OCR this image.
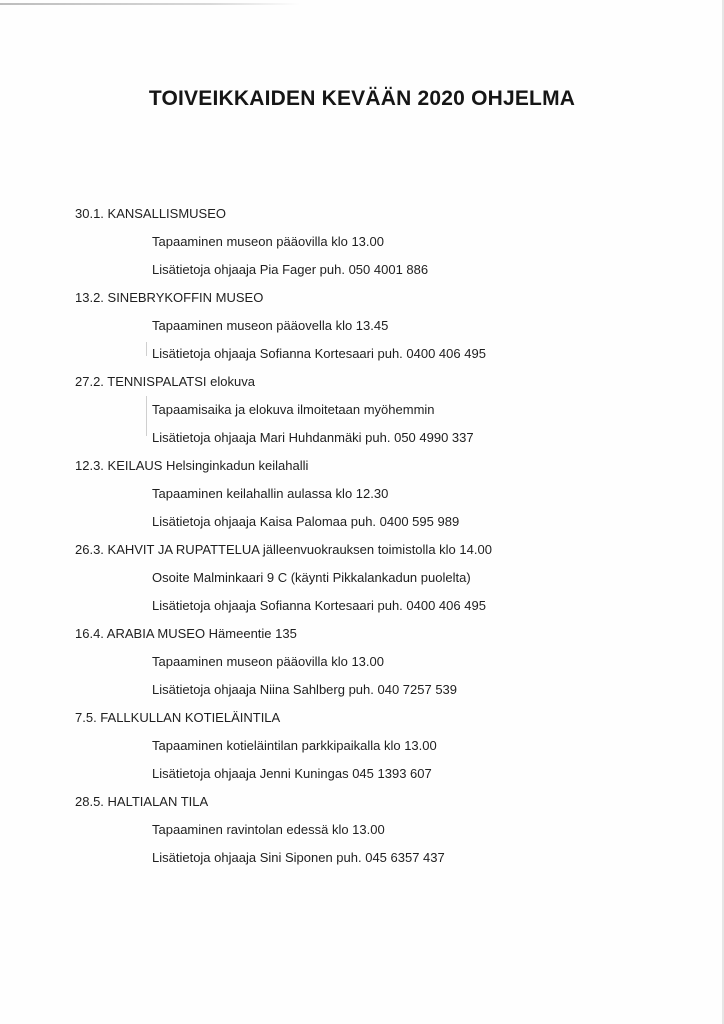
TOIVEIKKAIDEN KEVÄÄN 2020 OHJELMA
30.1. KANSALLISMUSEO
Tapaaminen museon pääovilla klo 13.00
Lisätietoja ohjaaja Pia Fager puh. 050 4001 886
13.2. SINEBRYKOFFIN MUSEO
Tapaaminen museon pääovella klo 13.45
Lisätietoja ohjaaja Sofianna Kortesaari puh. 0400 406 495
27.2. TENNISPALATSI elokuva
Tapaamisaika ja elokuva ilmoitetaan myöhemmin
Lisätietoja ohjaaja Mari Huhdanmäki puh. 050 4990 337
12.3. KEILAUS Helsinginkadun keilahalli
Tapaaminen keilahallin aulassa klo 12.30
Lisätietoja ohjaaja Kaisa Palomaa puh. 0400 595 989
26.3. KAHVIT JA RUPATTELUA jälleenvuokrauksen toimistolla klo 14.00
Osoite Malminkaari 9 C (käynti Pikkalankadun puolelta)
Lisätietoja ohjaaja Sofianna Kortesaari puh. 0400 406 495
16.4. ARABIA MUSEO Hämeentie 135
Tapaaminen museon pääovilla klo 13.00
Lisätietoja ohjaaja Niina Sahlberg puh. 040 7257 539
7.5. FALLKULLAN KOTIELÄINTILA
Tapaaminen kotieläintilan parkkipaikalla klo 13.00
Lisätietoja ohjaaja Jenni Kuningas 045 1393 607
28.5. HALTIALAN TILA
Tapaaminen ravintolan edessä klo 13.00
Lisätietoja ohjaaja Sini Siponen puh. 045 6357 437
